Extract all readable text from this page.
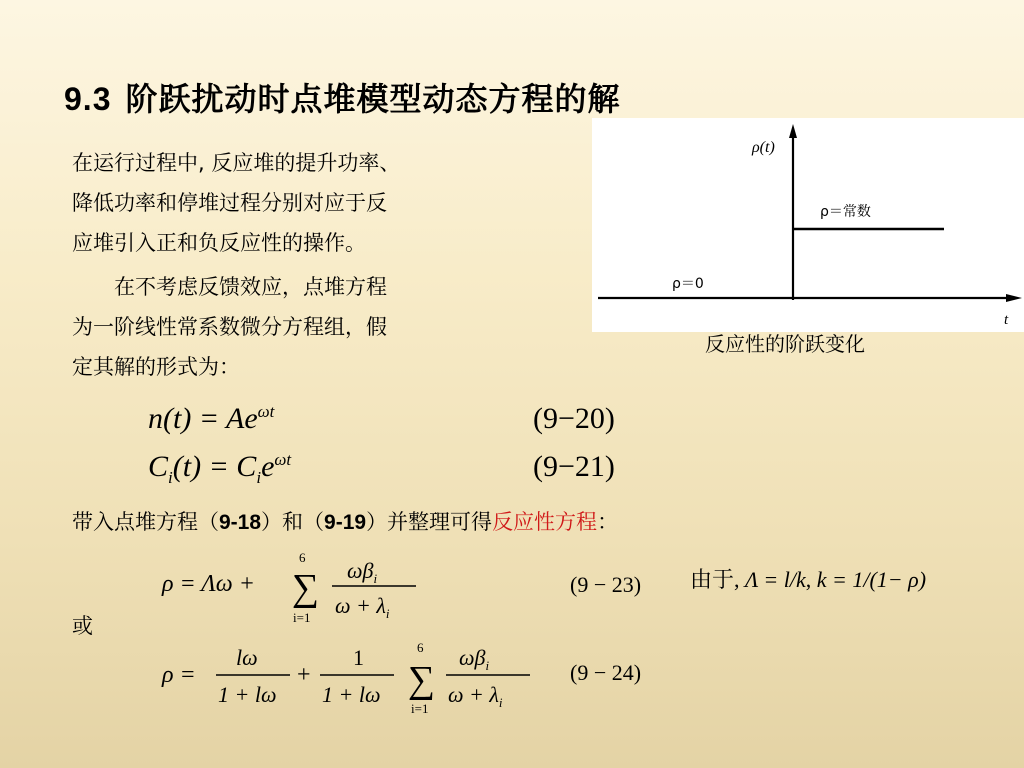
9.3 阶跃扰动时点堆模型动态方程的解
在运行过程中, 反应堆的提升功率、
降低功率和停堆过程分别对应于反
应堆引入正和负反应性的操作。
在不考虑反馈效应，点堆方程
为一阶线性常系数微分方程组，假
定其解的形式为：
ρ(t)
t
ρ＝常数
ρ＝0
反应性的阶跃变化
$n(t) = Ae^{\omega t}$	(9−20)
$C_i(t) = C_ie^{\omega t}$	(9−21)
带入点堆方程（9-18）和（9-19）并整理可得反应性方程：
ρ = Λω +
6
∑
i=1
$\omega\beta_i$
$\omega + \lambda_i$
(9 − 23) 由于, Λ = l/k, k = 1/(1− ρ)
或
ρ =
lω
1 + lω
+
1
1 + lω
6
∑
i=1
$\omega\beta_i$
$\omega + \lambda_i$
(9 − 24)
